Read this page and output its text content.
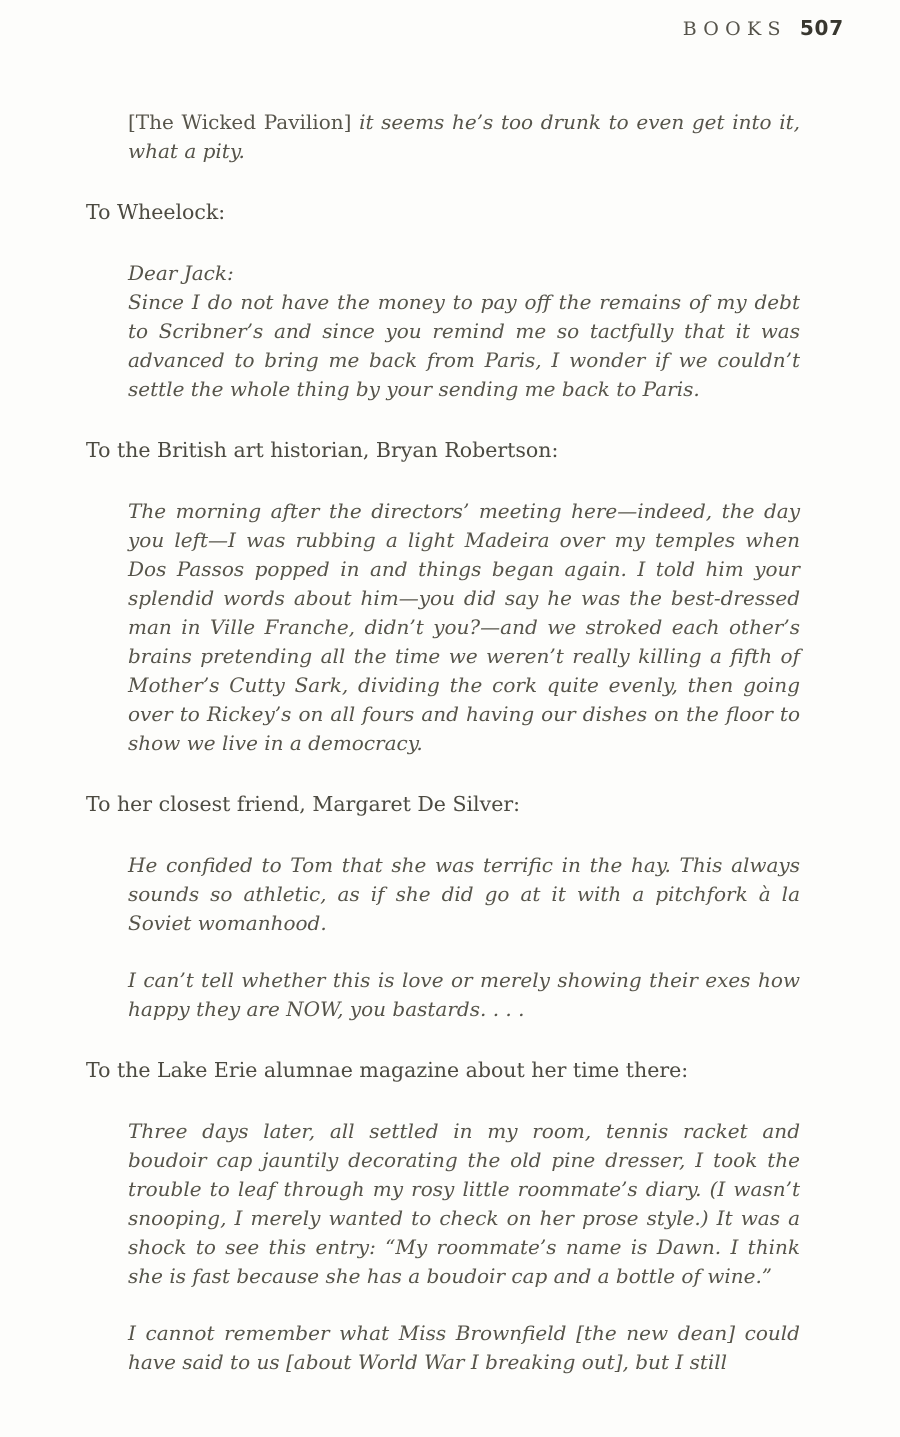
BOOKS 507

[The Wicked Pavilion] it seems he’s too drunk to even get into it, what a pity.

To Wheelock:

Dear Jack:
Since I do not have the money to pay off the remains of my debt to Scribner’s and since you remind me so tactfully that it was advanced to bring me back from Paris, I wonder if we couldn’t settle the whole thing by your sending me back to Paris.

To the British art historian, Bryan Robertson:

The morning after the directors’ meeting here—indeed, the day you left—I was rubbing a light Madeira over my temples when Dos Passos popped in and things began again. I told him your splendid words about him—you did say he was the best-dressed man in Ville Franche, didn’t you?—and we stroked each other’s brains pretending all the time we weren’t really killing a fifth of Mother’s Cutty Sark, dividing the cork quite evenly, then going over to Rickey’s on all fours and having our dishes on the floor to show we live in a democracy.

To her closest friend, Margaret De Silver:

He confided to Tom that she was terrific in the hay. This always sounds so athletic, as if she did go at it with a pitchfork à la Soviet womanhood.

I can’t tell whether this is love or merely showing their exes how happy they are NOW, you bastards. . . .

To the Lake Erie alumnae magazine about her time there:

Three days later, all settled in my room, tennis racket and boudoir cap jauntily decorating the old pine dresser, I took the trouble to leaf through my rosy little roommate’s diary. (I wasn’t snooping, I merely wanted to check on her prose style.) It was a shock to see this entry: “My roommate’s name is Dawn. I think she is fast because she has a boudoir cap and a bottle of wine.”

I cannot remember what Miss Brownfield [the new dean] could have said to us [about World War I breaking out], but I still
